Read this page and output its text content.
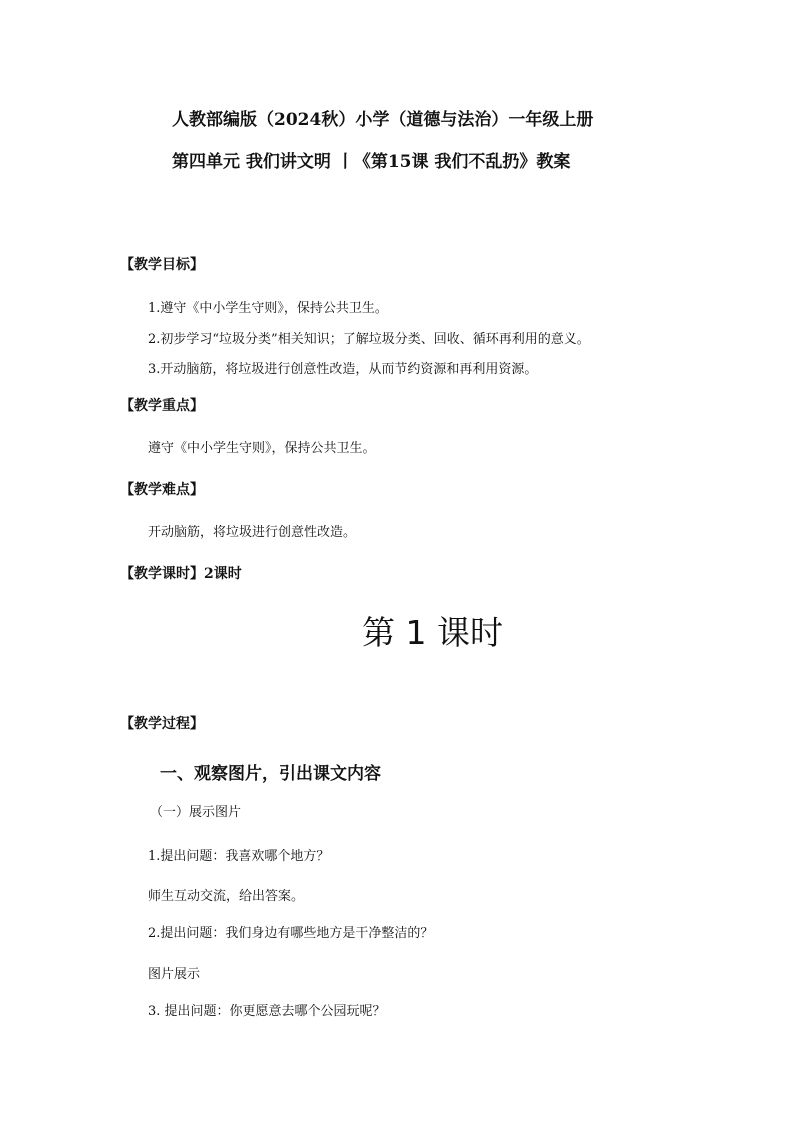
人教部编版（2024秋）小学（道德与法治）一年级上册
第四单元 我们讲文明 丨《第15课 我们不乱扔》教案
【教学目标】
1.遵守《中小学生守则》，保持公共卫生。
2.初步学习“垃圾分类”相关知识；了解垃圾分类、回收、循环再利用的意义。
3.开动脑筋，将垃圾进行创意性改造，从而节约资源和再利用资源。
【教学重点】
遵守《中小学生守则》，保持公共卫生。
【教学难点】
开动脑筋，将垃圾进行创意性改造。
【教学课时】2课时
第 1 课时
【教学过程】
一、观察图片，引出课文内容
（一）展示图片
1.提出问题：我喜欢哪个地方？
师生互动交流，给出答案。
2.提出问题：我们身边有哪些地方是干净整洁的？
图片展示
3. 提出问题：你更愿意去哪个公园玩呢？
